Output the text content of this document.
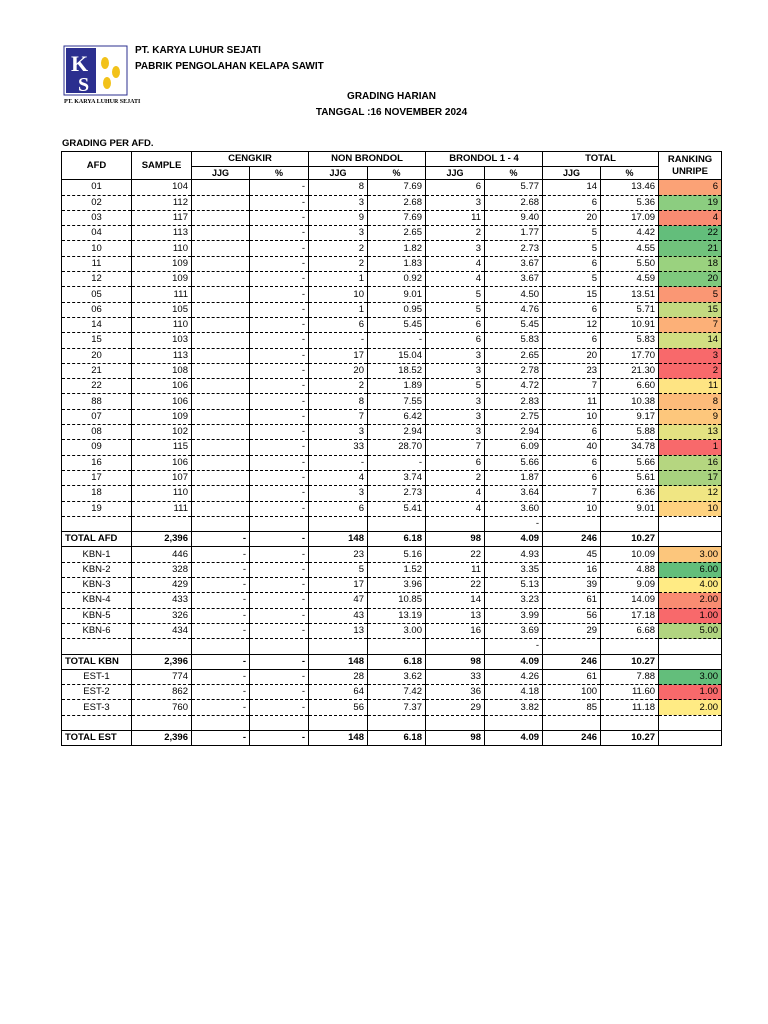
K
S
PT. KARYA LUHUR SEJATI
PT. KARYA LUHUR SEJATI
PABRIK PENGOLAHAN KELAPA SAWIT
GRADING HARIAN
TANGGAL :16 NOVEMBER 2024
GRADING PER AFD.
AFD	SAMPLE	CENGKIR		NON BRONDOL		BRONDOL 1 - 4		TOTAL		RANKING UNRIPE
		JJG	%	JJG	%	JJG	%	JJG	%	
01	104		-	8	7.69	6	5.77	14	13.46	6
02	112		-	3	2.68	3	2.68	6	5.36	19
03	117		-	9	7.69	11	9.40	20	17.09	4
04	113		-	3	2.65	2	1.77	5	4.42	22
10	110		-	2	1.82	3	2.73	5	4.55	21
11	109		-	2	1.83	4	3.67	6	5.50	18
12	109		-	1	0.92	4	3.67	5	4.59	20
05	111		-	10	9.01	5	4.50	15	13.51	5
06	105		-	1	0.95	5	4.76	6	5.71	15
14	110		-	6	5.45	6	5.45	12	10.91	7
15	103		-	-	-	6	5.83	6	5.83	14
20	113		-	17	15.04	3	2.65	20	17.70	3
21	108		-	20	18.52	3	2.78	23	21.30	2
22	106		-	2	1.89	5	4.72	7	6.60	11
88	106		-	8	7.55	3	2.83	11	10.38	8
07	109		-	7	6.42	3	2.75	10	9.17	9
08	102		-	3	2.94	3	2.94	6	5.88	13
09	115		-	33	28.70	7	6.09	40	34.78	1
16	106		-	-	-	6	5.66	6	5.66	16
17	107		-	4	3.74	2	1.87	6	5.61	17
18	110		-	3	2.73	4	3.64	7	6.36	12
19	111		-	6	5.41	4	3.60	10	9.01	10
							-			
TOTAL AFD	2,396	-	-	148	6.18	98	4.09	246	10.27	
KBN-1	446	-	-	23	5.16	22	4.93	45	10.09	3.00
KBN-2	328	-	-	5	1.52	11	3.35	16	4.88	6.00
KBN-3	429	-	-	17	3.96	22	5.13	39	9.09	4.00
KBN-4	433	-	-	47	10.85	14	3.23	61	14.09	2.00
KBN-5	326	-	-	43	13.19	13	3.99	56	17.18	1.00
KBN-6	434	-	-	13	3.00	16	3.69	29	6.68	5.00
							-			
TOTAL KBN	2,396	-	-	148	6.18	98	4.09	246	10.27	
EST-1	774	-	-	28	3.62	33	4.26	61	7.88	3.00
EST-2	862	-	-	64	7.42	36	4.18	100	11.60	1.00
EST-3	760	-	-	56	7.37	29	3.82	85	11.18	2.00

TOTAL EST	2,396	-	-	148	6.18	98	4.09	246	10.27	
